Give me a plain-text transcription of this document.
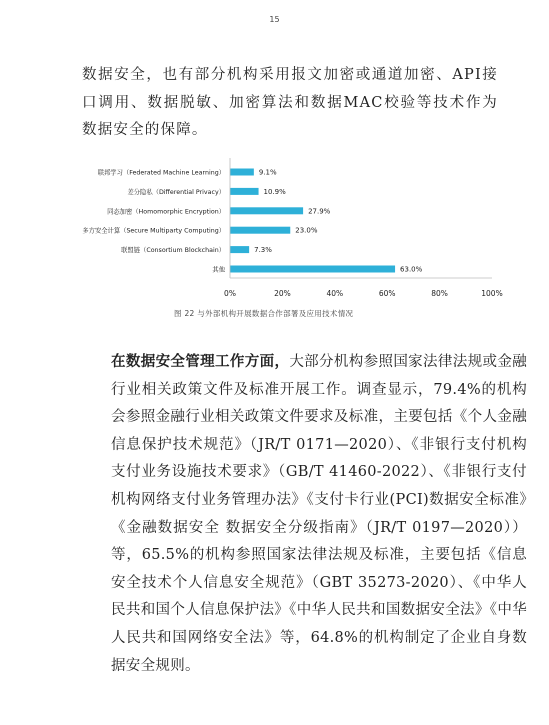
15

数据安全，也有部分机构采用报文加密或通道加密、API接口调用、数据脱敏、加密算法和数据MAC校验等技术作为数据安全的保障。

联邦学习（Federated Machine Learning）
差分隐私（Differential Privacy）
同态加密（Homomorphic Encryption）
多方安全计算（Secure Multiparty Computing）
联盟链（Consortium Blockchain）
其他
9.1%
10.9%
27.9%
23.0%
7.3%
63.0%
0%	20%	40%	60%	80%	100%
图 22 与外部机构开展数据合作部署及应用技术情况

在数据安全管理工作方面，大部分机构参照国家法律法规或金融行业相关政策文件及标准开展工作。调查显示，79.4%的机构会参照金融行业相关政策文件要求及标准，主要包括《个人金融信息保护技术规范》（JR/T 0171—2020）、《非银行支付机构支付业务设施技术要求》（GB/T 41460-2022）、《非银行支付机构网络支付业务管理办法》《支付卡行业(PCI)数据安全标准》《金融数据安全 数据安全分级指南》（JR/T 0197—2020））等，65.5%的机构参照国家法律法规及标准，主要包括《信息安全技术个人信息安全规范》（GBT 35273-2020）、《中华人民共和国个人信息保护法》《中华人民共和国数据安全法》《中华人民共和国网络安全法》等，64.8%的机构制定了企业自身数据安全规则。
